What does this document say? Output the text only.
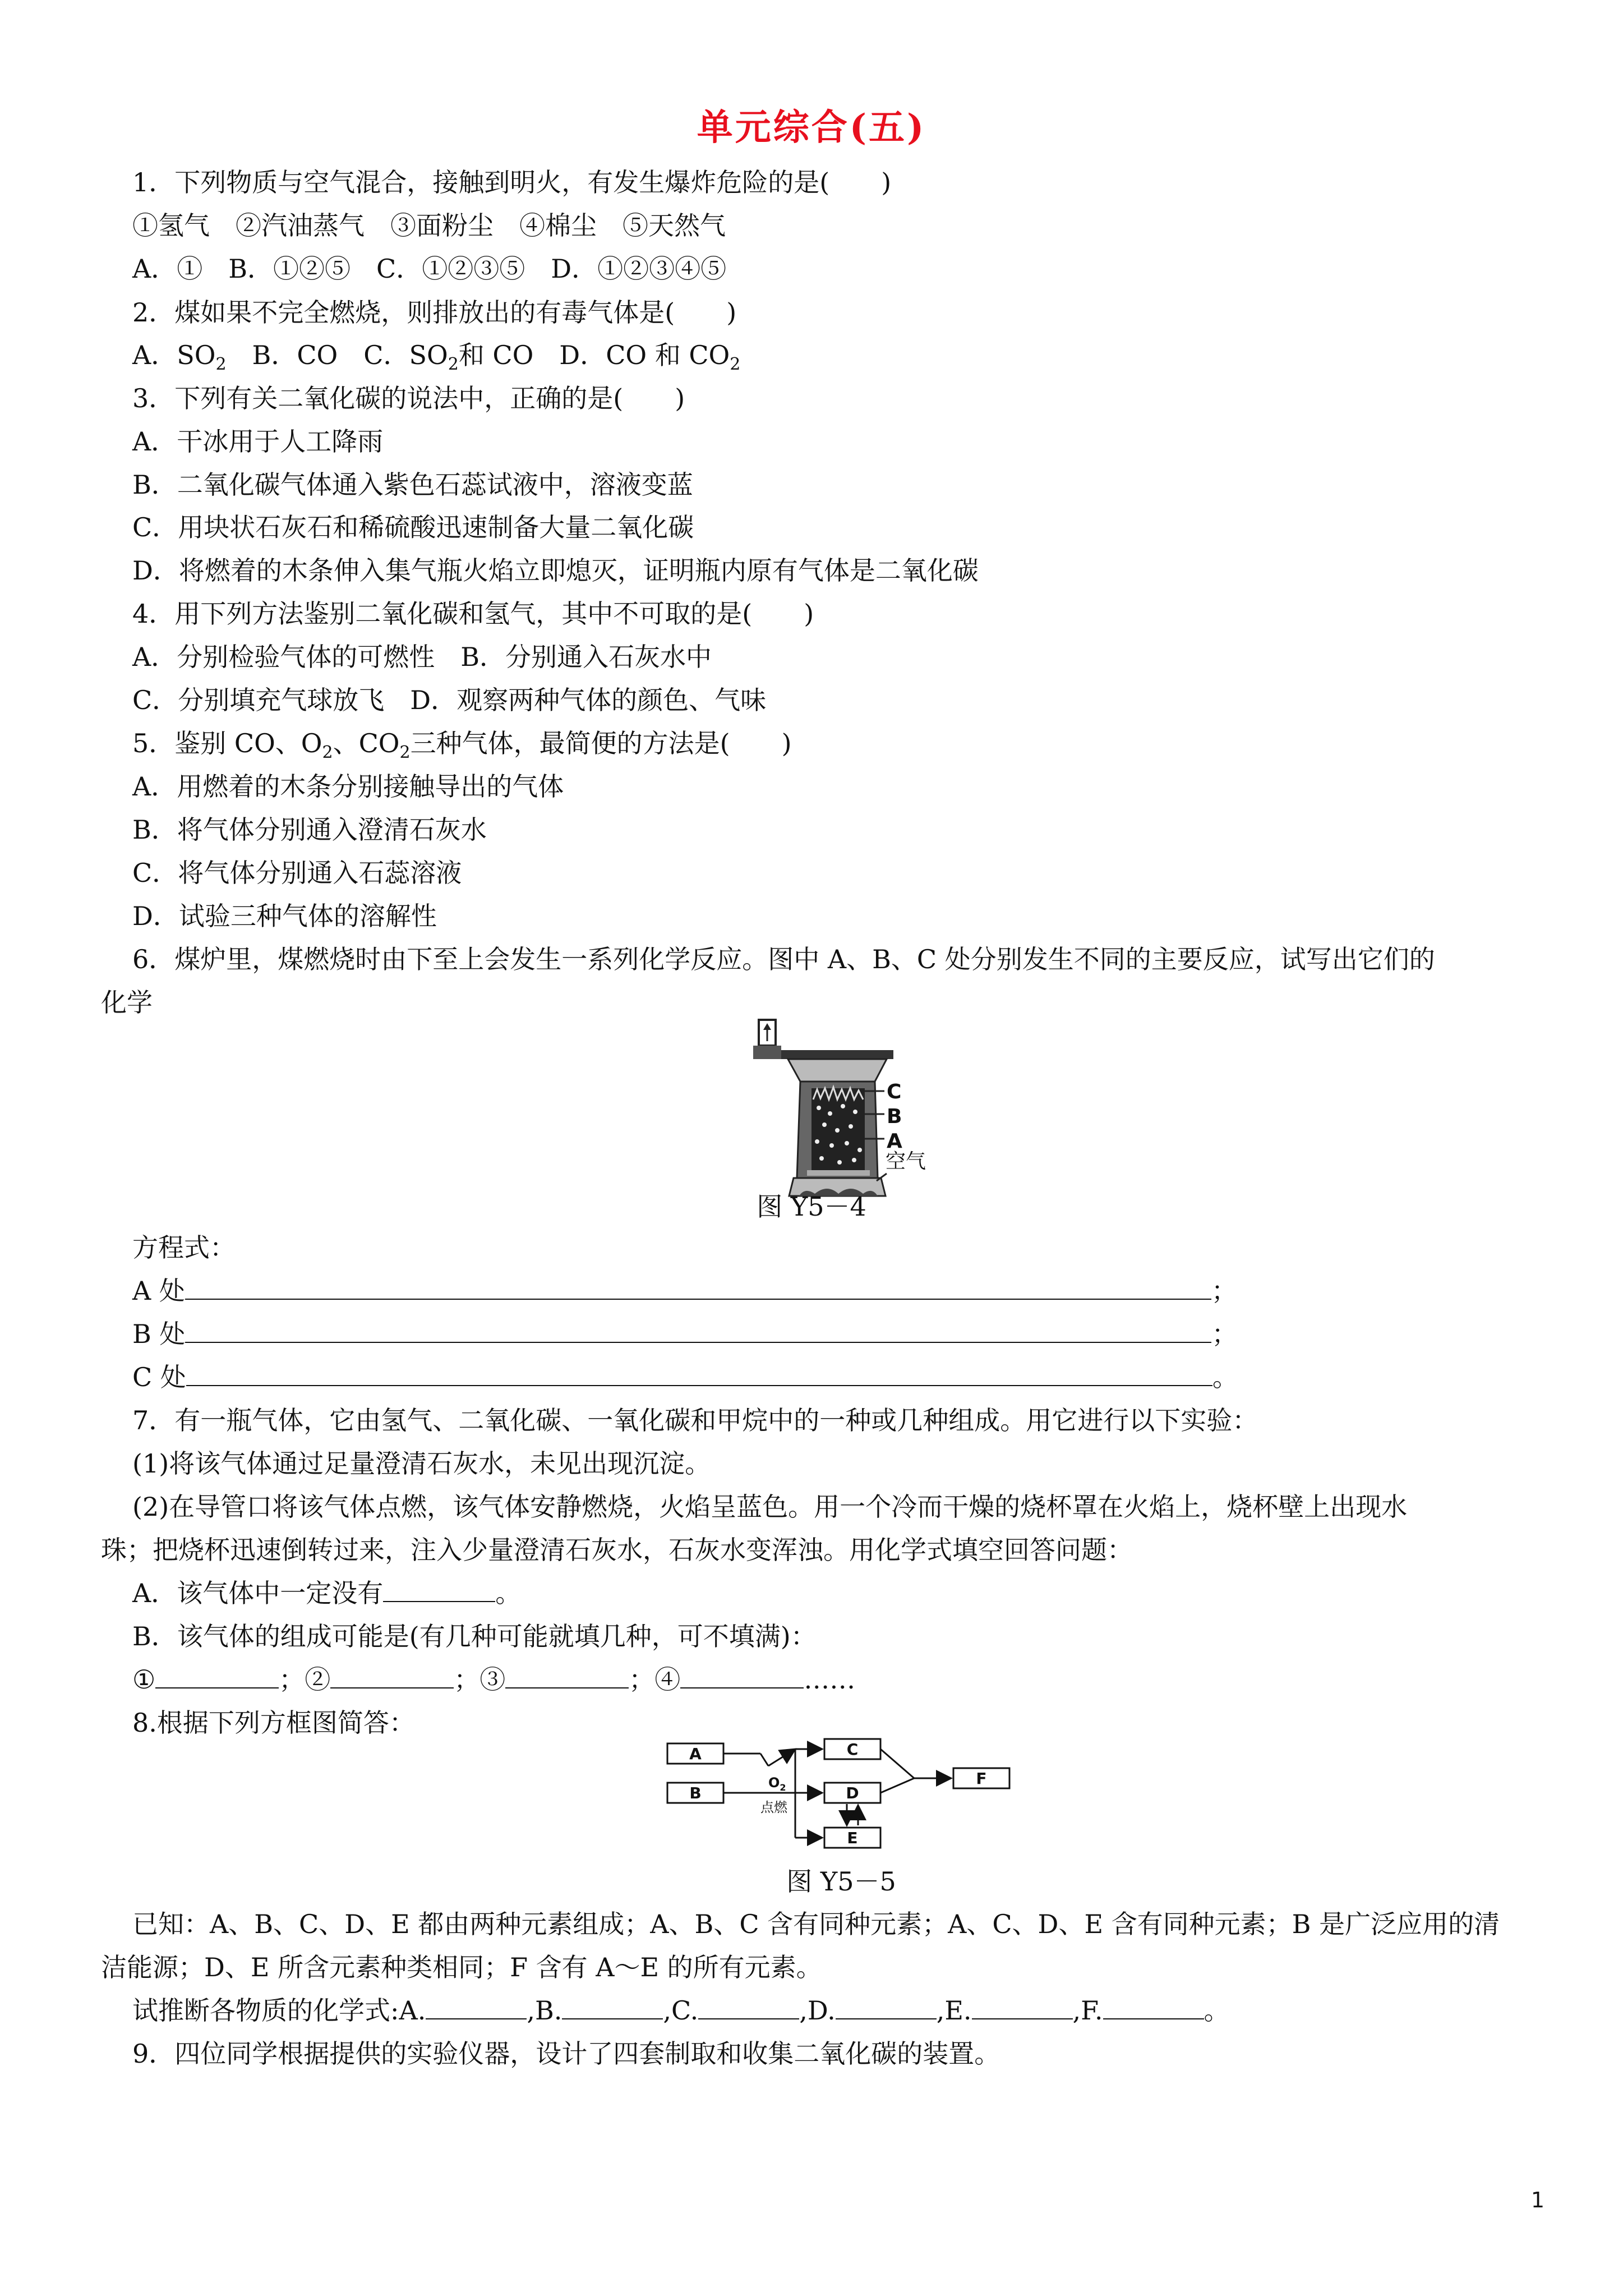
单元综合(五)
1．下列物质与空气混合，接触到明火，有发生爆炸危险的是(　　)
①氢气　②汽油蒸气　③面粉尘　④棉尘　⑤天然气
A．①　B．①②⑤　C．①②③⑤　D．①②③④⑤
2．煤如果不完全燃烧，则排放出的有毒气体是(　　)
A．$SO_2$　B．CO　C．$SO_2$和 CO　D．CO 和 $CO_2$
3．下列有关二氧化碳的说法中，正确的是(　　)
A．干冰用于人工降雨
B．二氧化碳气体通入紫色石蕊试液中，溶液变蓝
C．用块状石灰石和稀硫酸迅速制备大量二氧化碳
D．将燃着的木条伸入集气瓶火焰立即熄灭，证明瓶内原有气体是二氧化碳
4．用下列方法鉴别二氧化碳和氢气，其中不可取的是(　　)
A．分别检验气体的可燃性　B．分别通入石灰水中
C．分别填充气球放飞　D．观察两种气体的颜色、气味
5．鉴别 CO、$O_2$、$CO_2$三种气体，最简便的方法是(　　)
A．用燃着的木条分别接触导出的气体
B．将气体分别通入澄清石灰水
C．将气体分别通入石蕊溶液
D．试验三种气体的溶解性
6．煤炉里，煤燃烧时由下至上会发生一系列化学反应。图中 A、B、C 处分别发生不同的主要反应，试写出它们的
化学
C
B
A
空气
图 Y5－4
方程式：
A 处	；
B 处	；
C 处	。
7．有一瓶气体，它由氢气、二氧化碳、一氧化碳和甲烷中的一种或几种组成。用它进行以下实验：
(1)将该气体通过足量澄清石灰水，未见出现沉淀。
(2)在导管口将该气体点燃，该气体安静燃烧，火焰呈蓝色。用一个冷而干燥的烧杯罩在火焰上，烧杯壁上出现水
珠；把烧杯迅速倒转过来，注入少量澄清石灰水，石灰水变浑浊。用化学式填空回答问题：
A．该气体中一定没有	。
B．该气体的组成可能是(有几种可能就填几种，可不填满)：
①	；②	；③	；④	……
8.根据下列方框图简答：
A
B
C
D
E
F
$O_2$
点燃
图 Y5－5
已知：A、B、C、D、E 都由两种元素组成；A、B、C 含有同种元素；A、C、D、E 含有同种元素；B 是广泛应用的清
洁能源；D、E 所含元素种类相同；F 含有 A～E 的所有元素。
试推断各物质的化学式:A.	,B.	,C.	,D.	,E.	,F.	。
9．四位同学根据提供的实验仪器，设计了四套制取和收集二氧化碳的装置。
1
